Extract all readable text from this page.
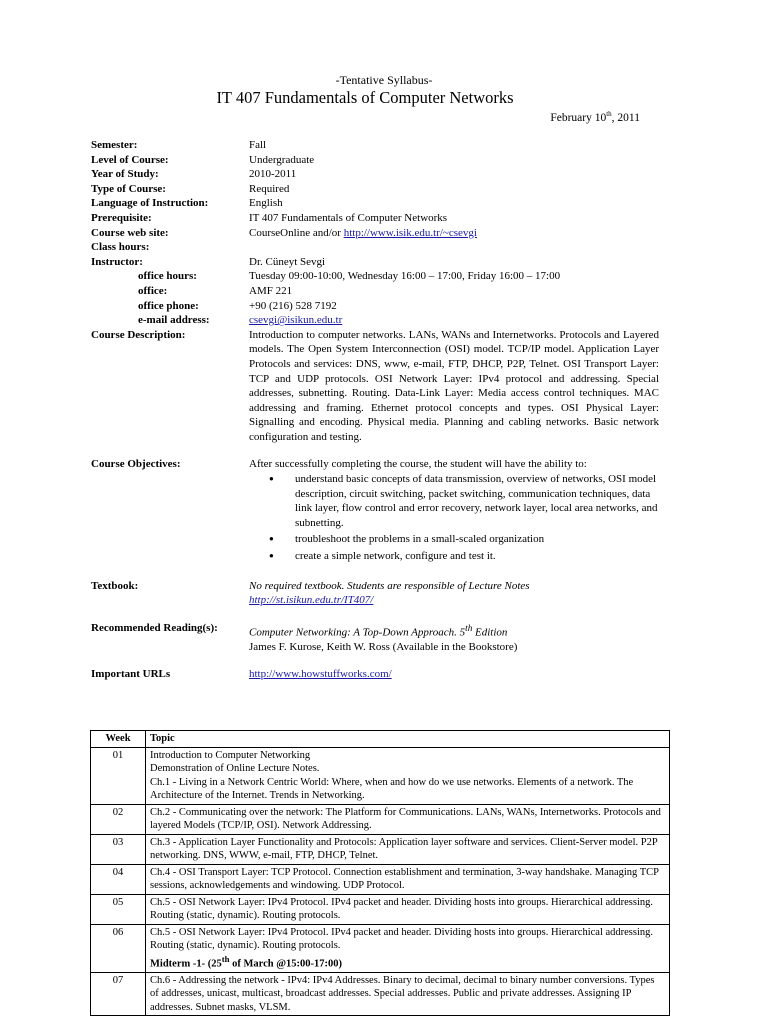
-Tentative Syllabus-
IT 407 Fundamentals of Computer Networks
February 10th, 2011
Semester:	Fall
Level of Course:	Undergraduate
Year of Study:	2010-2011
Type of Course:	Required
Language of Instruction:	English
Prerequisite:	IT 407 Fundamentals of Computer Networks
Course web site:	CourseOnline and/or http://www.isik.edu.tr/~csevgi
Class hours:
Instructor:	Dr. Cüneyt Sevgi
office hours:	Tuesday 09:00-10:00, Wednesday 16:00 – 17:00, Friday 16:00 – 17:00
office:	AMF 221
office phone:	+90 (216) 528 7192
e-mail address:	csevgi@isikun.edu.tr
Course Description:	Introduction to computer networks. LANs, WANs and Internetworks. Protocols and Layered models. The Open System Interconnection (OSI) model. TCP/IP model. Application Layer Protocols and services: DNS, www, e-mail, FTP, DHCP, P2P, Telnet. OSI Transport Layer: TCP and UDP protocols. OSI Network Layer: IPv4 protocol and addressing. Special addresses, subnetting. Routing. Data-Link Layer: Media access control techniques. MAC addressing and framing. Ethernet protocol concepts and types. OSI Physical Layer: Signalling and encoding. Physical media. Planning and cabling networks. Basic network configuration and testing.
Course Objectives:	After successfully completing the course, the student will have the ability to:
● understand basic concepts of data transmission, overview of networks, OSI model description, circuit switching, packet switching, communication techniques, data link layer, flow control and error recovery, network layer, local area networks, and subnetting.
● troubleshoot the problems in a small-scaled organization
● create a simple network, configure and test it.
Textbook:	No required textbook. Students are responsible of Lecture Notes
http://st.isikun.edu.tr/IT407/
Recommended Reading(s):	Computer Networking: A Top-Down Approach. 5th Edition
James F. Kurose, Keith W. Ross (Available in the Bookstore)
Important URLs	http://www.howstuffworks.com/
Week	Topic
01	Introduction to Computer Networking
Demonstration of Online Lecture Notes.
Ch.1 - Living in a Network Centric World: Where, when and how do we use networks. Elements of a network. The Architecture of the Internet. Trends in Networking.

02	Ch.2 - Communicating over the network: The Platform for Communications. LANs, WANs, Internetworks. Protocols and layered Models (TCP/IP, OSI). Network Addressing.
03	Ch.3 - Application Layer Functionality and Protocols: Application layer software and services. Client-Server model. P2P networking. DNS, WWW, e-mail, FTP, DHCP, Telnet.
04	Ch.4 - OSI Transport Layer: TCP Protocol. Connection establishment and termination, 3-way handshake. Managing TCP sessions, acknowledgements and windowing. UDP Protocol.
05	Ch.5 - OSI Network Layer: IPv4 Protocol. IPv4 packet and header. Dividing hosts into groups. Hierarchical addressing. Routing (static, dynamic). Routing protocols.
06	Ch.5 - OSI Network Layer: IPv4 Protocol. IPv4 packet and header. Dividing hosts into groups. Hierarchical addressing. Routing (static, dynamic). Routing protocols.
Midterm -1- (25th of March @15:00-17:00)

07	Ch.6 - Addressing the network - IPv4: IPv4 Addresses. Binary to decimal, decimal to binary number conversions. Types of addresses, unicast, multicast, broadcast addresses. Special addresses. Public and private addresses. Assigning IP addresses. Subnet masks, VLSM.
